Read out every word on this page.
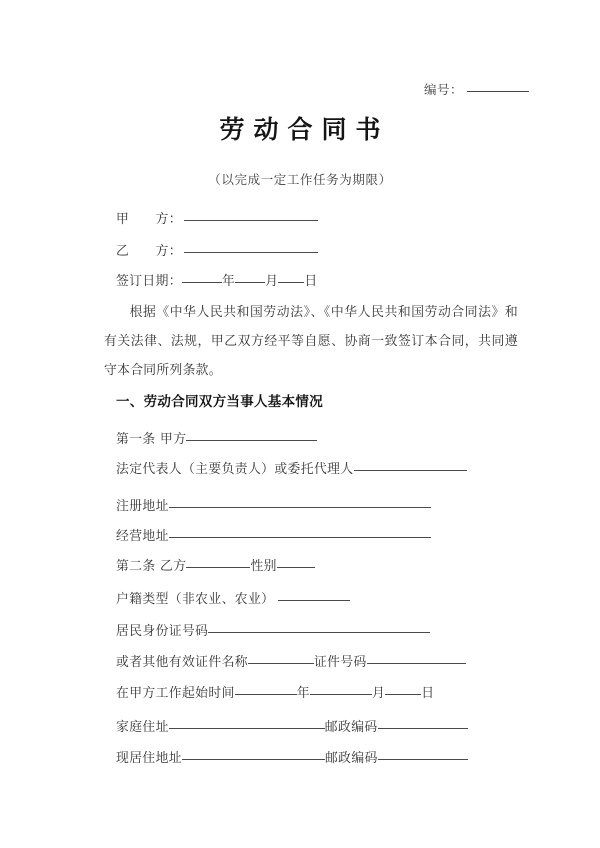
编号：
劳动合同书
（以完成一定工作任务为期限）
甲　　方：
乙　　方：
签订日期：	年 月 日
根据《中华人民共和国劳动法》、《中华人民共和国劳动合同法》和有关法律、法规，甲乙双方经平等自愿、协商一致签订本合同，共同遵守本合同所列条款。
一、劳动合同双方当事人基本情况
第一条 甲方
法定代表人（主要负责人）或委托代理人
注册地址
经营地址
第二条 乙方	性别
户籍类型（非农业、农业）
居民身份证号码
或者其他有效证件名称	证件号码
在甲方工作起始时间	年	月	日
家庭住址	邮政编码
现居住地址	邮政编码
